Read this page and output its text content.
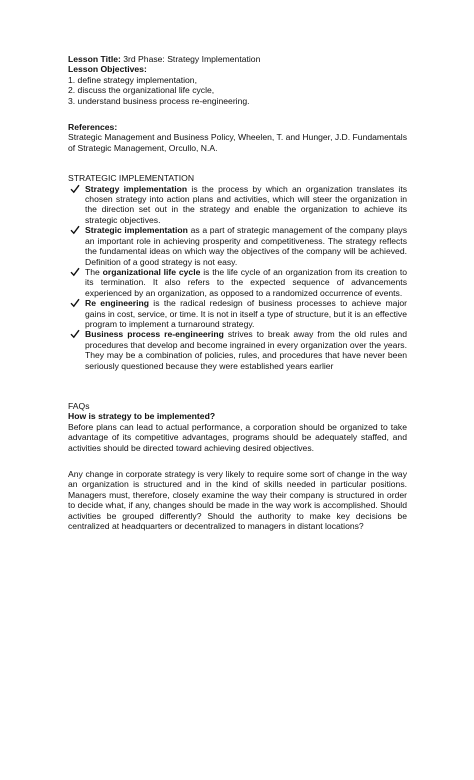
Lesson Title: 3rd Phase: Strategy Implementation
Lesson Objectives:
1. define strategy implementation,
2. discuss the organizational life cycle,
3. understand business process re-engineering.
References:
Strategic Management and Business Policy, Wheelen, T. and Hunger, J.D. Fundamentals of Strategic Management, Orcullo, N.A.
STRATEGIC IMPLEMENTATION
Strategy implementation is the process by which an organization translates its chosen strategy into action plans and activities, which will steer the organization in the direction set out in the strategy and enable the organization to achieve its strategic objectives.
Strategic implementation as a part of strategic management of the company plays an important role in achieving prosperity and competitiveness. The strategy reflects the fundamental ideas on which way the objectives of the company will be achieved. Definition of a good strategy is not easy.
The organizational life cycle is the life cycle of an organization from its creation to its termination. It also refers to the expected sequence of advancements experienced by an organization, as opposed to a randomized occurrence of events.
Re engineering is the radical redesign of business processes to achieve major gains in cost, service, or time. It is not in itself a type of structure, but it is an effective program to implement a turnaround strategy.
Business process re-engineering strives to break away from the old rules and procedures that develop and become ingrained in every organization over the years. They may be a combination of policies, rules, and procedures that have never been seriously questioned because they were established years earlier
FAQs
How is strategy to be implemented?
Before plans can lead to actual performance, a corporation should be organized to take advantage of its competitive advantages, programs should be adequately staffed, and activities should be directed toward achieving desired objectives.
Any change in corporate strategy is very likely to require some sort of change in the way an organization is structured and in the kind of skills needed in particular positions. Managers must, therefore, closely examine the way their company is structured in order to decide what, if any, changes should be made in the way work is accomplished. Should activities be grouped differently? Should the authority to make key decisions be centralized at headquarters or decentralized to managers in distant locations?
